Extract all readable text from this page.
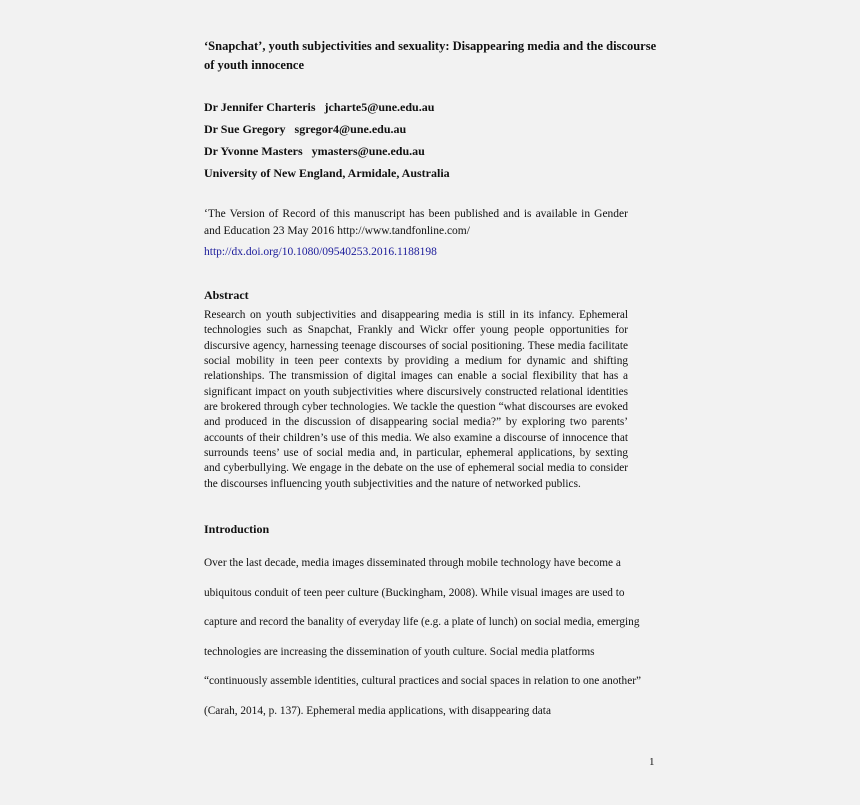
‘Snapchat’, youth subjectivities and sexuality: Disappearing media and the discourse of youth innocence
Dr Jennifer Charteris jcharte5@une.edu.au
Dr Sue Gregory sgregor4@une.edu.au
Dr Yvonne Masters ymasters@une.edu.au
University of New England, Armidale, Australia

‘The Version of Record of this manuscript has been published and is available in Gender and Education 23 May 2016 http://www.tandfonline.com/

http://dx.doi.org/10.1080/09540253.2016.1188198

Abstract

Research on youth subjectivities and disappearing media is still in its infancy. Ephemeral technologies such as Snapchat, Frankly and Wickr offer young people opportunities for discursive agency, harnessing teenage discourses of social positioning. These media facilitate social mobility in teen peer contexts by providing a medium for dynamic and shifting relationships. The transmission of digital images can enable a social flexibility that has a significant impact on youth subjectivities where discursively constructed relational identities are brokered through cyber technologies. We tackle the question “what discourses are evoked and produced in the discussion of disappearing social media?” by exploring two parents’ accounts of their children’s use of this media. We also examine a discourse of innocence that surrounds teens’ use of social media and, in particular, ephemeral applications, by sexting and cyberbullying. We engage in the debate on the use of ephemeral social media to consider the discourses influencing youth subjectivities and the nature of networked publics.

Introduction

Over the last decade, media images disseminated through mobile technology have become a ubiquitous conduit of teen peer culture (Buckingham, 2008). While visual images are used to capture and record the banality of everyday life (e.g. a plate of lunch) on social media, emerging technologies are increasing the dissemination of youth culture. Social media platforms “continuously assemble identities, cultural practices and social spaces in relation to one another” (Carah, 2014, p. 137). Ephemeral media applications, with disappearing data

1
